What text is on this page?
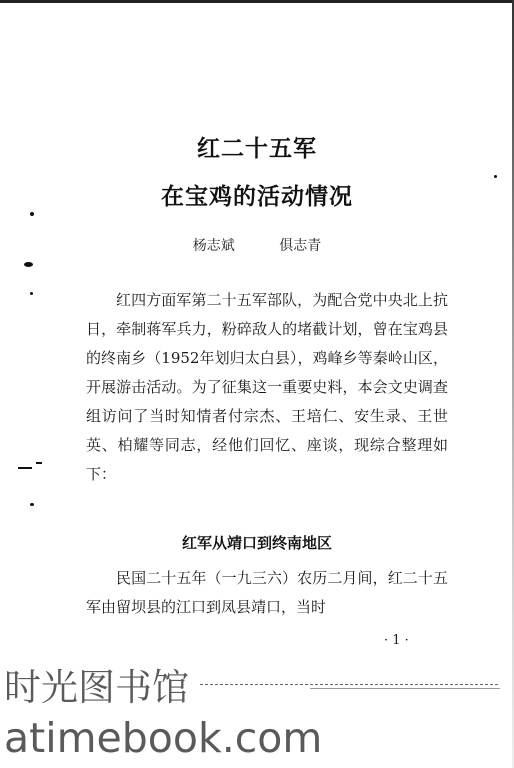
红二十五军
在宝鸡的活动情况
杨志斌	俱志青
红四方面军第二十五军部队，为配合党中央北上抗日，牵制蒋军兵力，粉碎敌人的堵截计划，曾在宝鸡县的终南乡（1952年划归太白县），鸡峰乡等秦岭山区，开展游击活动。为了征集这一重要史料，本会文史调查组访问了当时知情者付宗杰、王培仁、安生录、王世英、柏耀等同志，经他们回忆、座谈，现综合整理如下：
红军从靖口到终南地区
民国二十五年（一九三六）农历二月间，红二十五军由留坝县的江口到凤县靖口，当时
· 1 ·
时光图书馆
atimebook.com
